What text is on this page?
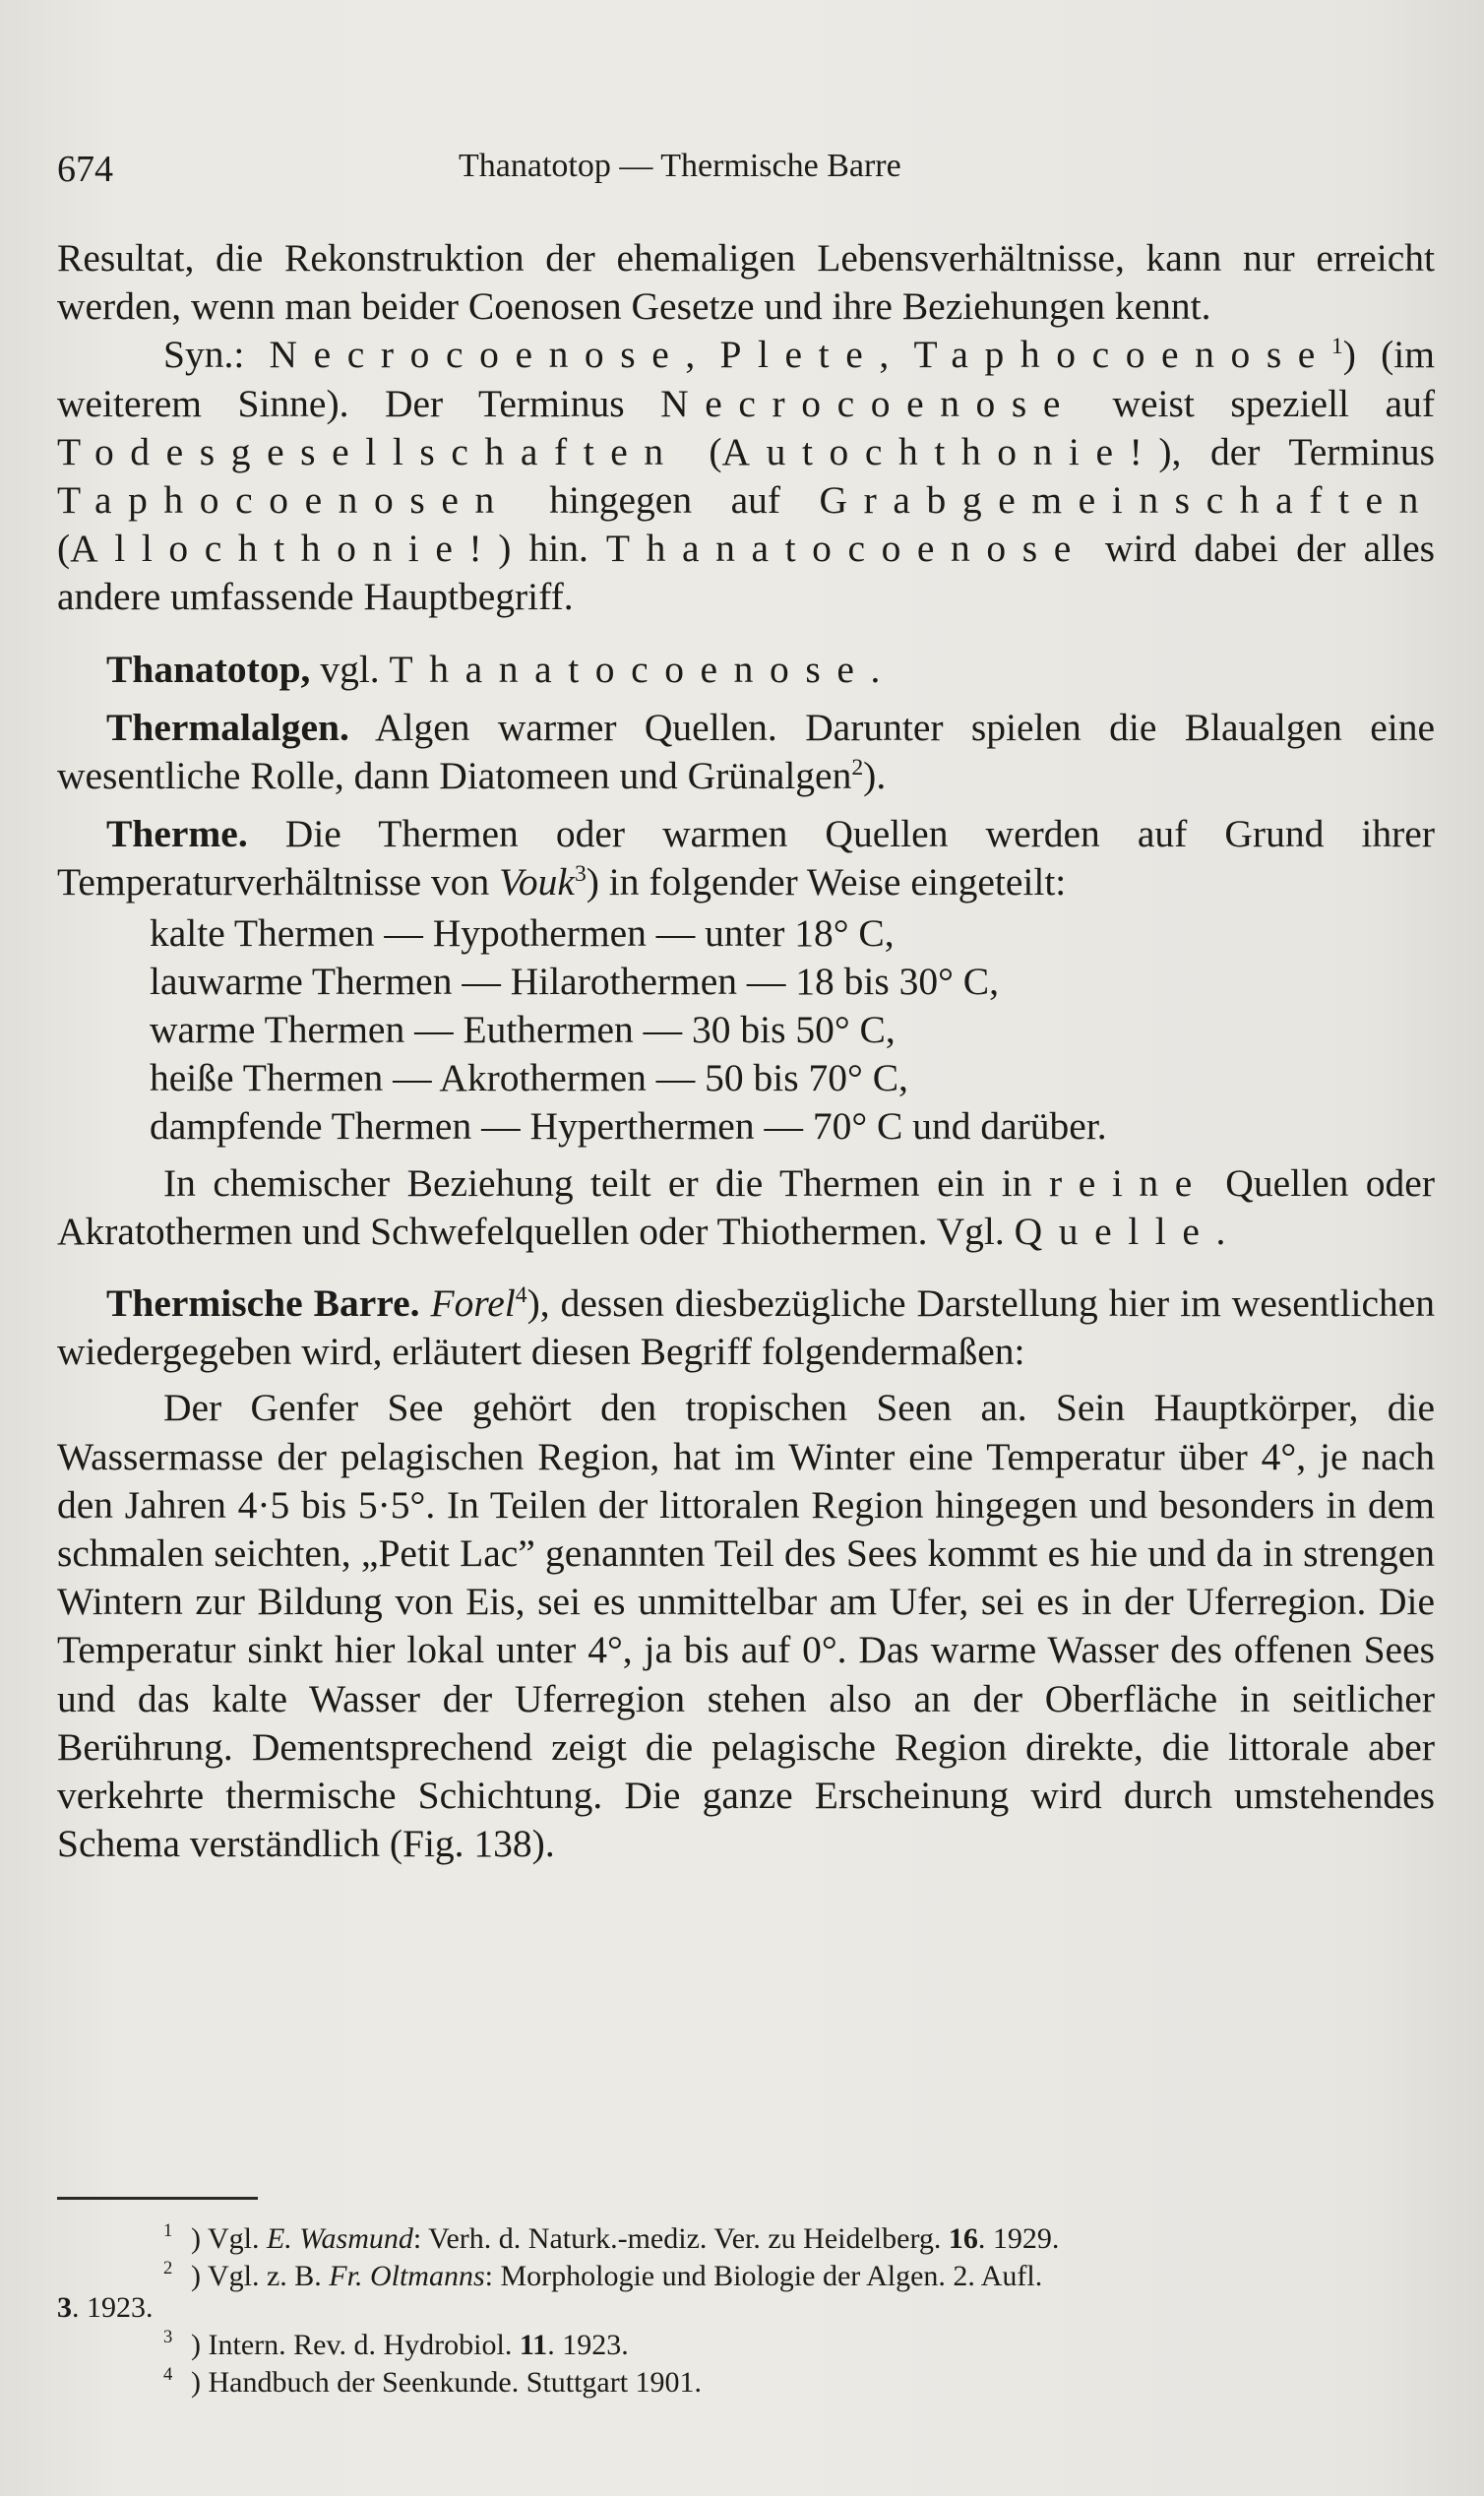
674	Thanatotop — Thermische Barre

Resultat, die Rekonstruktion der ehemaligen Lebensverhältnisse, kann nur erreicht werden, wenn man beider Coenosen Gesetze und ihre Beziehungen kennt.

Syn.: Necrocoenose, Plete, Taphocoenose$^1$) (im weiterem Sinne). Der Terminus Necrocoenose weist speziell auf Todesgesellschaften (Autochthonie!), der Terminus Taphocoenosen hingegen auf Grabgemeinschaften (Allochthonie!) hin. Thanatocoenose wird dabei der alles andere umfassende Hauptbegriff.

Thanatotop, vgl. Thanatocoenose.

Thermalalgen. Algen warmer Quellen. Darunter spielen die Blaualgen eine wesentliche Rolle, dann Diatomeen und Grünalgen$^2$).

Therme. Die Thermen oder warmen Quellen werden auf Grund ihrer Temperaturverhältnisse von Vouk$^3$) in folgender Weise eingeteilt:

kalte Thermen — Hypothermen — unter 18° C,
lauwarme Thermen — Hilarothermen — 18 bis 30° C,
warme Thermen — Euthermen — 30 bis 50° C,
heiße Thermen — Akrothermen — 50 bis 70° C,
dampfende Thermen — Hyperthermen — 70° C und darüber.

In chemischer Beziehung teilt er die Thermen ein in reine Quellen oder Akratothermen und Schwefelquellen oder Thiothermen. Vgl. Quelle.

Thermische Barre. Forel$^4$), dessen diesbezügliche Darstellung hier im wesentlichen wiedergegeben wird, erläutert diesen Begriff folgendermaßen:

Der Genfer See gehört den tropischen Seen an. Sein Hauptkörper, die Wassermasse der pelagischen Region, hat im Winter eine Temperatur über 4°, je nach den Jahren 4·5 bis 5·5°. In Teilen der littoralen Region hingegen und besonders in dem schmalen seichten, „Petit Lac” genannten Teil des Sees kommt es hie und da in strengen Wintern zur Bildung von Eis, sei es unmittelbar am Ufer, sei es in der Uferregion. Die Temperatur sinkt hier lokal unter 4°, ja bis auf 0°. Das warme Wasser des offenen Sees und das kalte Wasser der Uferregion stehen also an der Oberfläche in seitlicher Berührung. Dementsprechend zeigt die pelagische Region direkte, die littorale aber verkehrte thermische Schichtung. Die ganze Erscheinung wird durch umstehendes Schema verständlich (Fig. 138).

1 ) Vgl. E. Wasmund: Verh. d. Naturk.-mediz. Ver. zu Heidelberg. 16. 1929.
2 ) Vgl. z. B. Fr. Oltmanns: Morphologie und Biologie der Algen. 2. Aufl.
3. 1923.
3 ) Intern. Rev. d. Hydrobiol. 11. 1923.
4 ) Handbuch der Seenkunde. Stuttgart 1901.
